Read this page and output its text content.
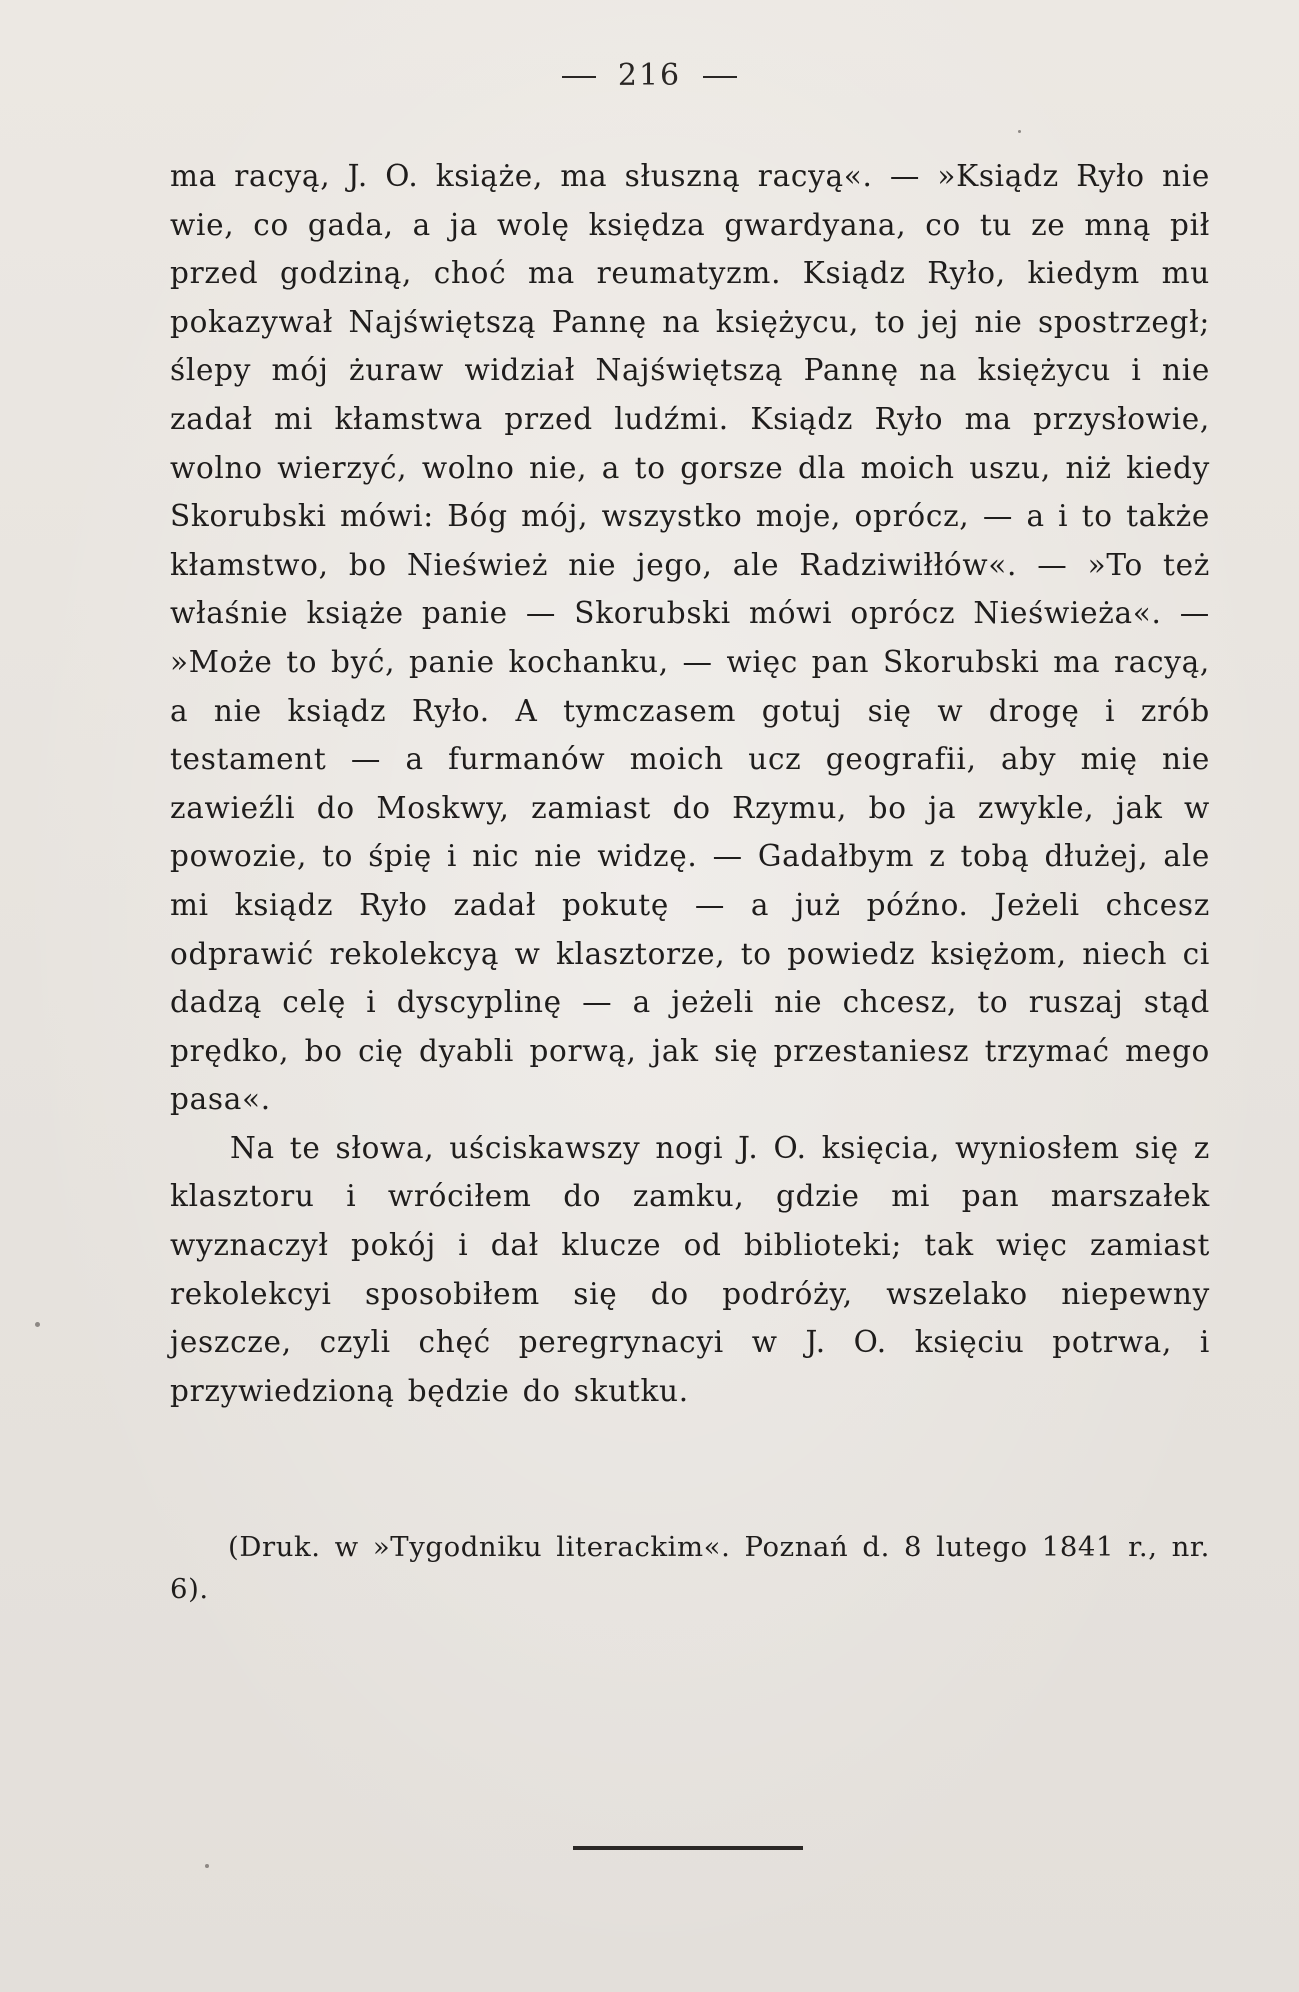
216

ma racyą, J. O. książe, ma słuszną racyą«. — »Ksiądz Ryło nie wie, co gada, a ja wolę księdza gwardyana, co tu ze mną pił przed godziną, choć ma reumatyzm. Ksiądz Ryło, kiedym mu pokazywał Najświętszą Pannę na księżycu, to jej nie spostrzegł; ślepy mój żuraw widział Najświętszą Pannę na księżycu i nie zadał mi kłamstwa przed ludźmi. Ksiądz Ryło ma przysłowie, wolno wierzyć, wolno nie, a to gorsze dla moich uszu, niż kiedy Skorubski mówi: Bóg mój, wszystko moje, oprócz, — a i to także kłamstwo, bo Nieśwież nie jego, ale Radziwiłłów«. — »To też właśnie książe panie — Skorubski mówi oprócz Nieświeża«. — »Może to być, panie kochanku, — więc pan Skorubski ma racyą, a nie ksiądz Ryło. A tymczasem gotuj się w drogę i zrób testament — a furmanów moich ucz geografii, aby mię nie zawieźli do Moskwy, zamiast do Rzymu, bo ja zwykle, jak w powozie, to śpię i nic nie widzę. — Gadałbym z tobą dłużej, ale mi ksiądz Ryło zadał pokutę — a już późno. Jeżeli chcesz odprawić rekolekcyą w klasztorze, to powiedz księżom, niech ci dadzą celę i dyscyplinę — a jeżeli nie chcesz, to ruszaj stąd prędko, bo cię dyabli porwą, jak się przestaniesz trzymać mego pasa«.

Na te słowa, uściskawszy nogi J. O. księcia, wyniosłem się z klasztoru i wróciłem do zamku, gdzie mi pan marszałek wyznaczył pokój i dał klucze od biblioteki; tak więc zamiast rekolekcyi sposobiłem się do podróży, wszelako niepewny jeszcze, czyli chęć peregrynacyi w J. O. księciu potrwa, i przywiedzioną będzie do skutku.

(Druk. w »Tygodniku literackim«. Poznań d. 8 lutego 1841 r., nr. 6).
